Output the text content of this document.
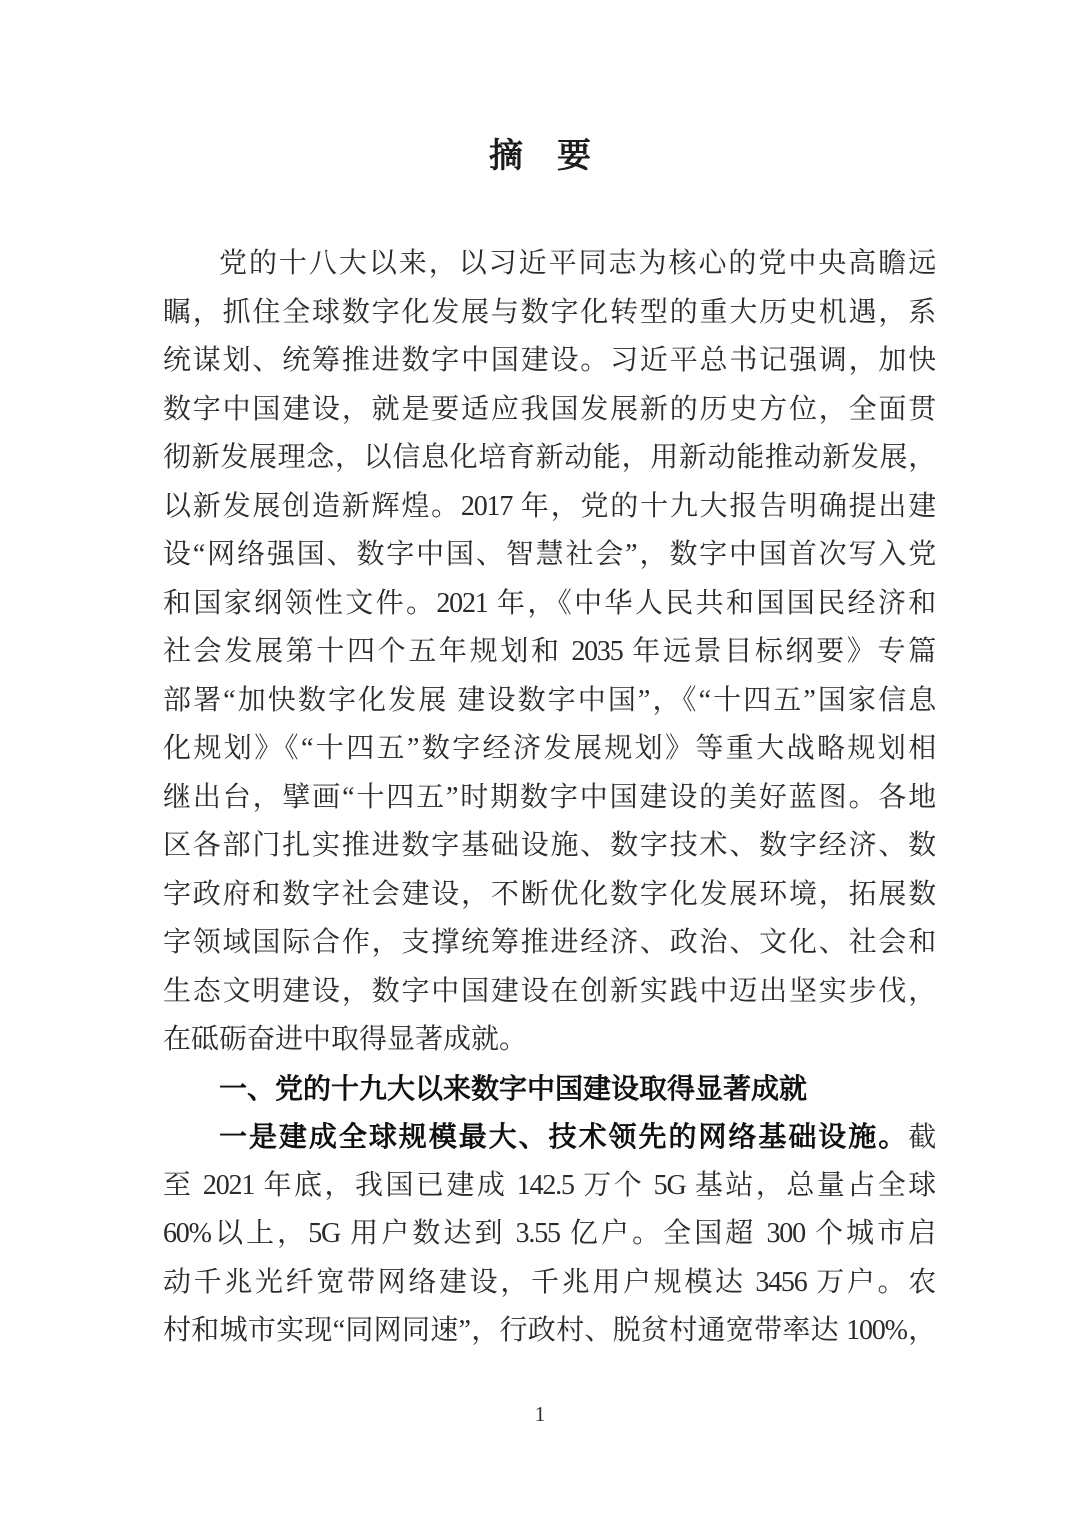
摘　要
党的十八大以来，以习近平同志为核心的党中央高瞻远
瞩，抓住全球数字化发展与数字化转型的重大历史机遇，系
统谋划、统筹推进数字中国建设。习近平总书记强调，加快
数字中国建设，就是要适应我国发展新的历史方位，全面贯
彻新发展理念，以信息化培育新动能，用新动能推动新发展，
以新发展创造新辉煌。2017 年，党的十九大报告明确提出建
设“网络强国、数字中国、智慧社会”，数字中国首次写入党
和国家纲领性文件。2021 年，《中华人民共和国国民经济和
社会发展第十四个五年规划和 2035 年远景目标纲要》专篇
部署“加快数字化发展 建设数字中国”，《“十四五”国家信息
化规划》《“十四五”数字经济发展规划》等重大战略规划相
继出台，擘画“十四五”时期数字中国建设的美好蓝图。各地
区各部门扎实推进数字基础设施、数字技术、数字经济、数
字政府和数字社会建设，不断优化数字化发展环境，拓展数
字领域国际合作，支撑统筹推进经济、政治、文化、社会和
生态文明建设，数字中国建设在创新实践中迈出坚实步伐，
在砥砺奋进中取得显著成就。
一、党的十九大以来数字中国建设取得显著成就
一是建成全球规模最大、技术领先的网络基础设施。截
至 2021 年底，我国已建成 142.5 万个 5G 基站，总量占全球
60%以上，5G 用户数达到 3.55 亿户。全国超 300 个城市启
动千兆光纤宽带网络建设，千兆用户规模达 3456 万户。农
村和城市实现“同网同速”，行政村、脱贫村通宽带率达 100%，
1
